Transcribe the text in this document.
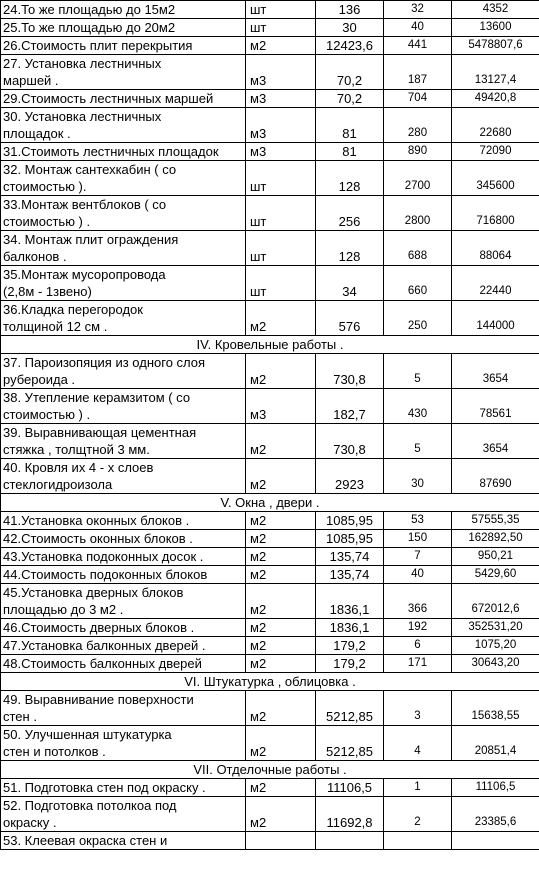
24.То же площадью до 15м2	шт	136	32	4352

25.То же площадью до 20м2	шт	30	40	13600

26.Стоимость плит перекрытия	м2	12423,6	441	5478807,6

27. Установка лестничных
маршей .	м3	70,2	187	13127,4

29.Стоимость лестничных маршей	м3	70,2	704	49420,8

30. Установка лестничных
площадок .	м3	81	280	22680

31.Стоимоть лестничных площадок	м3	81	890	72090

32. Монтаж сантехкабин ( со
стоимостью ).	шт	128	2700	345600

33.Монтаж вентблоков ( со
стоимостью ) .	шт	256	2800	716800

34. Монтаж плит ограждения
балконов .	шт	128	688	88064

35.Монтаж мусоропровода
(2,8м - 1звено)	шт	34	660	22440

36.Кладка перегородок
толщиной 12 см .	м2	576	250	144000
IV. Кровельные работы .				

37. Пароизопяция из одного слоя
рубероида .	м2	730,8	5	3654

38. Утепление керамзитом ( со
стоимостью ) .	м3	182,7	430	78561

39. Выравнивающая цементная
стяжка , толщтной 3 мм.	м2	730,8	5	3654

40. Кровля их 4 - х слоев
стеклогидроизола	м2	2923	30	87690
V. Окна , двери .				

41.Установка оконных блоков .	м2	1085,95	53	57555,35

42.Стоимость оконных блоков .	м2	1085,95	150	162892,50

43.Установка подоконных досок .	м2	135,74	7	950,21

44.Стоимость подоконных блоков	м2	135,74	40	5429,60

45.Установка дверных блоков
площадью до 3 м2 .	м2	1836,1	366	672012,6

46.Стоимость дверных блоков .	м2	1836,1	192	352531,20

47.Установка балконных дверей .	м2	179,2	6	1075,20

48.Стоимость балконных дверей	м2	179,2	171	30643,20
VI. Штукатурка , облицовка .				

49. Выравнивание поверхности
стен .	м2	5212,85	3	15638,55

50. Улучшенная штукатурка
стен и потолков .	м2	5212,85	4	20851,4
VII. Отделочные работы .				

51. Подготовка стен под окраску .	м2	11106,5	1	11106,5

52. Подготовка потолкоа под
окраску .	м2	11692,8	2	23385,6

53. Клеевая окраска стен и				
